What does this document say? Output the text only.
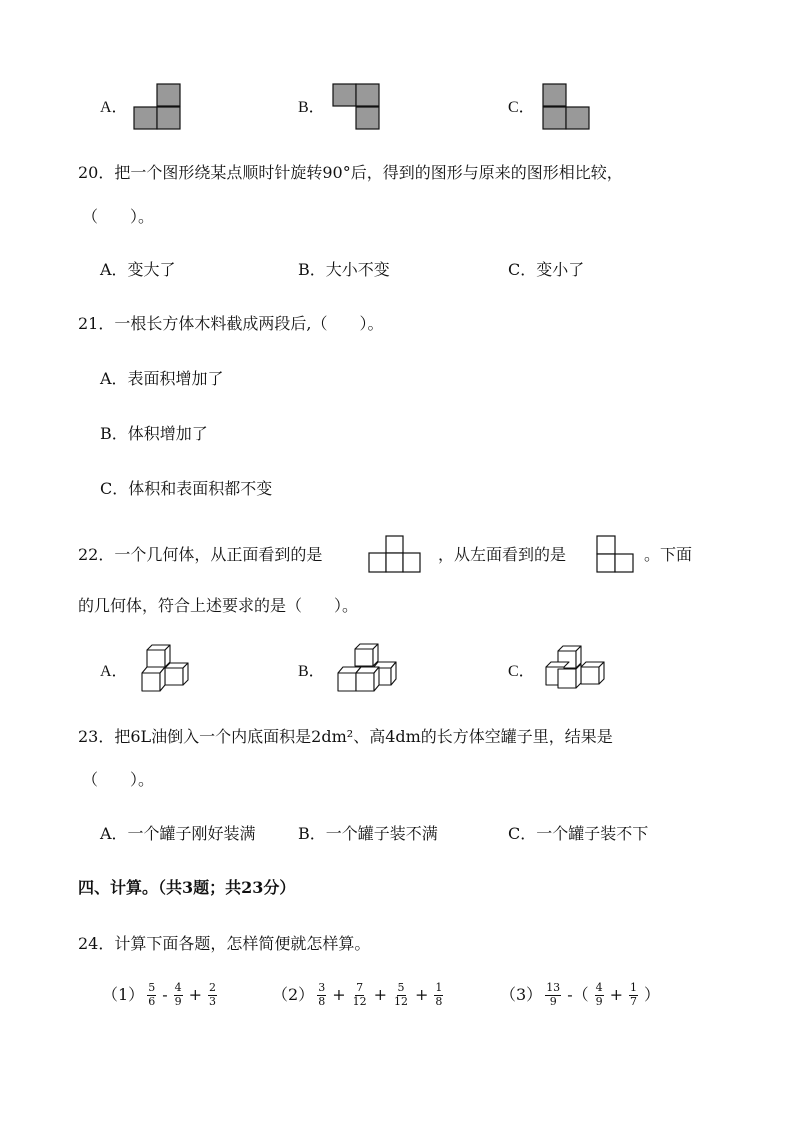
A．	B．	C．
20．把一个图形绕某点顺时针旋转90°后，得到的图形与原来的图形相比较，
（　　）。
A．变大了	B．大小不变	C．变小了
21．一根长方体木料截成两段后,（　　）。
A．表面积增加了
B．体积增加了
C．体积和表面积都不变
22．一个几何体，从正面看到的是	，从左面看到的是	。下面
的几何体，符合上述要求的是（　　）。
A．	B．	C．
23．把6L油倒入一个内底面积是2dm²、高4dm的长方体空罐子里，结果是
（　　）。
A．一个罐子刚好装满	B．一个罐子装不满	C．一个罐子装不下
四、计算。（共3题；共23分）
24．计算下面各题，怎样简便就怎样算。
$(1) \frac{5}{6} - \frac{4}{9} + \frac{2}{3}$	$(2) \frac{3}{8} + \frac{7}{12} + \frac{5}{12} + \frac{1}{8}$	$(3) \frac{13}{9}$ -（ $\frac{4}{9} + \frac{1}{7}$ ）
